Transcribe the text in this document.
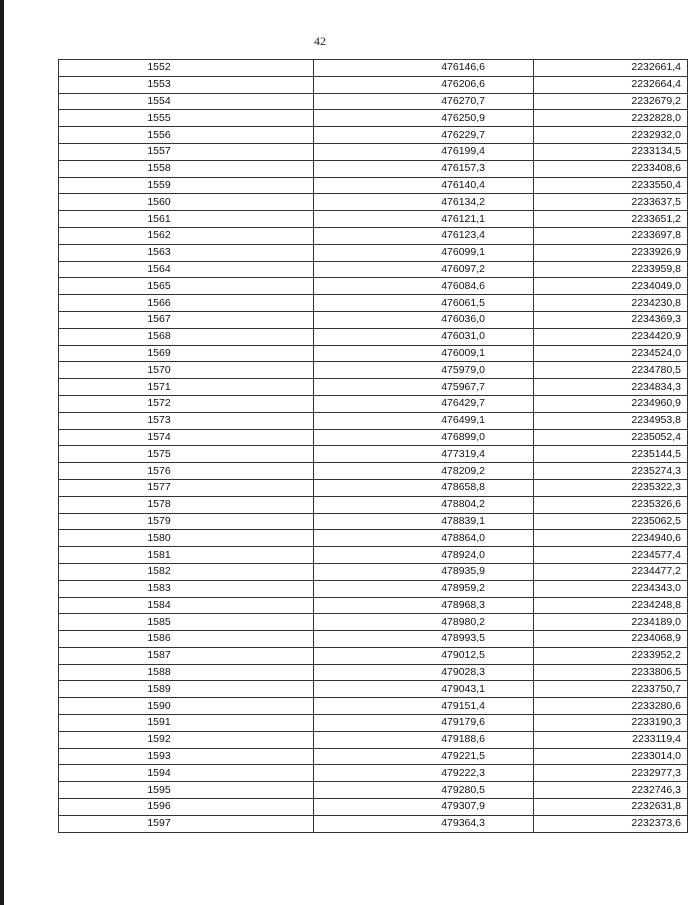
42
1552	476146,6	2232661,4
1553	476206,6	2232664,4
1554	476270,7	2232679,2
1555	476250,9	2232828,0
1556	476229,7	2232932,0
1557	476199,4	2233134,5
1558	476157,3	2233408,6
1559	476140,4	2233550,4
1560	476134,2	2233637,5
1561	476121,1	2233651,2
1562	476123,4	2233697,8
1563	476099,1	2233926,9
1564	476097,2	2233959,8
1565	476084,6	2234049,0
1566	476061,5	2234230,8
1567	476036,0	2234369,3
1568	476031,0	2234420,9
1569	476009,1	2234524,0
1570	475979,0	2234780,5
1571	475967,7	2234834,3
1572	476429,7	2234960,9
1573	476499,1	2234953,8
1574	476899,0	2235052,4
1575	477319,4	2235144,5
1576	478209,2	2235274,3
1577	478658,8	2235322,3
1578	478804,2	2235326,6
1579	478839,1	2235062,5
1580	478864,0	2234940,6
1581	478924,0	2234577,4
1582	478935,9	2234477,2
1583	478959,2	2234343,0
1584	478968,3	2234248,8
1585	478980,2	2234189,0
1586	478993,5	2234068,9
1587	479012,5	2233952,2
1588	479028,3	2233806,5
1589	479043,1	2233750,7
1590	479151,4	2233280,6
1591	479179,6	2233190,3
1592	479188,6	2233119,4
1593	479221,5	2233014,0
1594	479222,3	2232977,3
1595	479280,5	2232746,3
1596	479307,9	2232631,8
1597	479364,3	2232373,6
